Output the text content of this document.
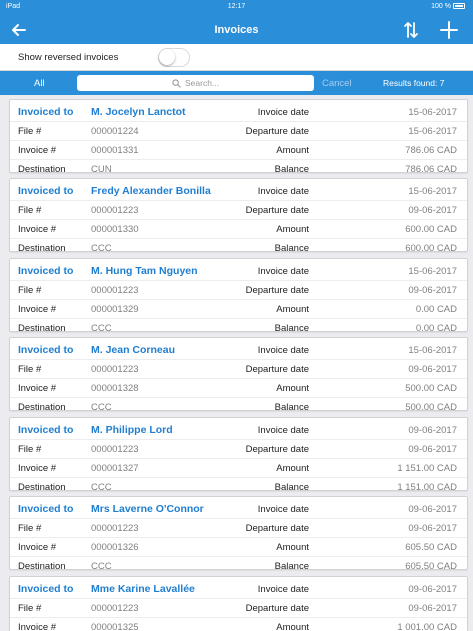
iPad	12:17	100 %
Invoices
Show reversed invoices
All	Search...	Cancel	Results found: 7
Invoiced to M. Jocelyn Lanctot	Invoice date	15-06-2017
File #	000001224	Departure date	15-06-2017
Invoice #	000001331	Amount	786.06 CAD
Destination	CUN	Balance	786.06 CAD
Invoiced to Fredy Alexander Bonilla	Invoice date	15-06-2017
File #	000001223	Departure date	09-06-2017
Invoice #	000001330	Amount	600.00 CAD
Destination	CCC	Balance	600.00 CAD
Invoiced to M. Hung Tam Nguyen	Invoice date	15-06-2017
File #	000001223	Departure date	09-06-2017
Invoice #	000001329	Amount	0.00 CAD
Destination	CCC	Balance	0.00 CAD
Invoiced to M. Jean Corneau	Invoice date	15-06-2017
File #	000001223	Departure date	09-06-2017
Invoice #	000001328	Amount	500.00 CAD
Destination	CCC	Balance	500.00 CAD
Invoiced to M. Philippe Lord	Invoice date	09-06-2017
File #	000001223	Departure date	09-06-2017
Invoice #	000001327	Amount	1 151.00 CAD
Destination	CCC	Balance	1 151.00 CAD
Invoiced to Mrs Laverne O'Connor	Invoice date	09-06-2017
File #	000001223	Departure date	09-06-2017
Invoice #	000001326	Amount	605.50 CAD
Destination	CCC	Balance	605.50 CAD
Invoiced to Mme Karine Lavallée	Invoice date	09-06-2017
File #	000001223	Departure date	09-06-2017
Invoice #	000001325	Amount	1 001.00 CAD
